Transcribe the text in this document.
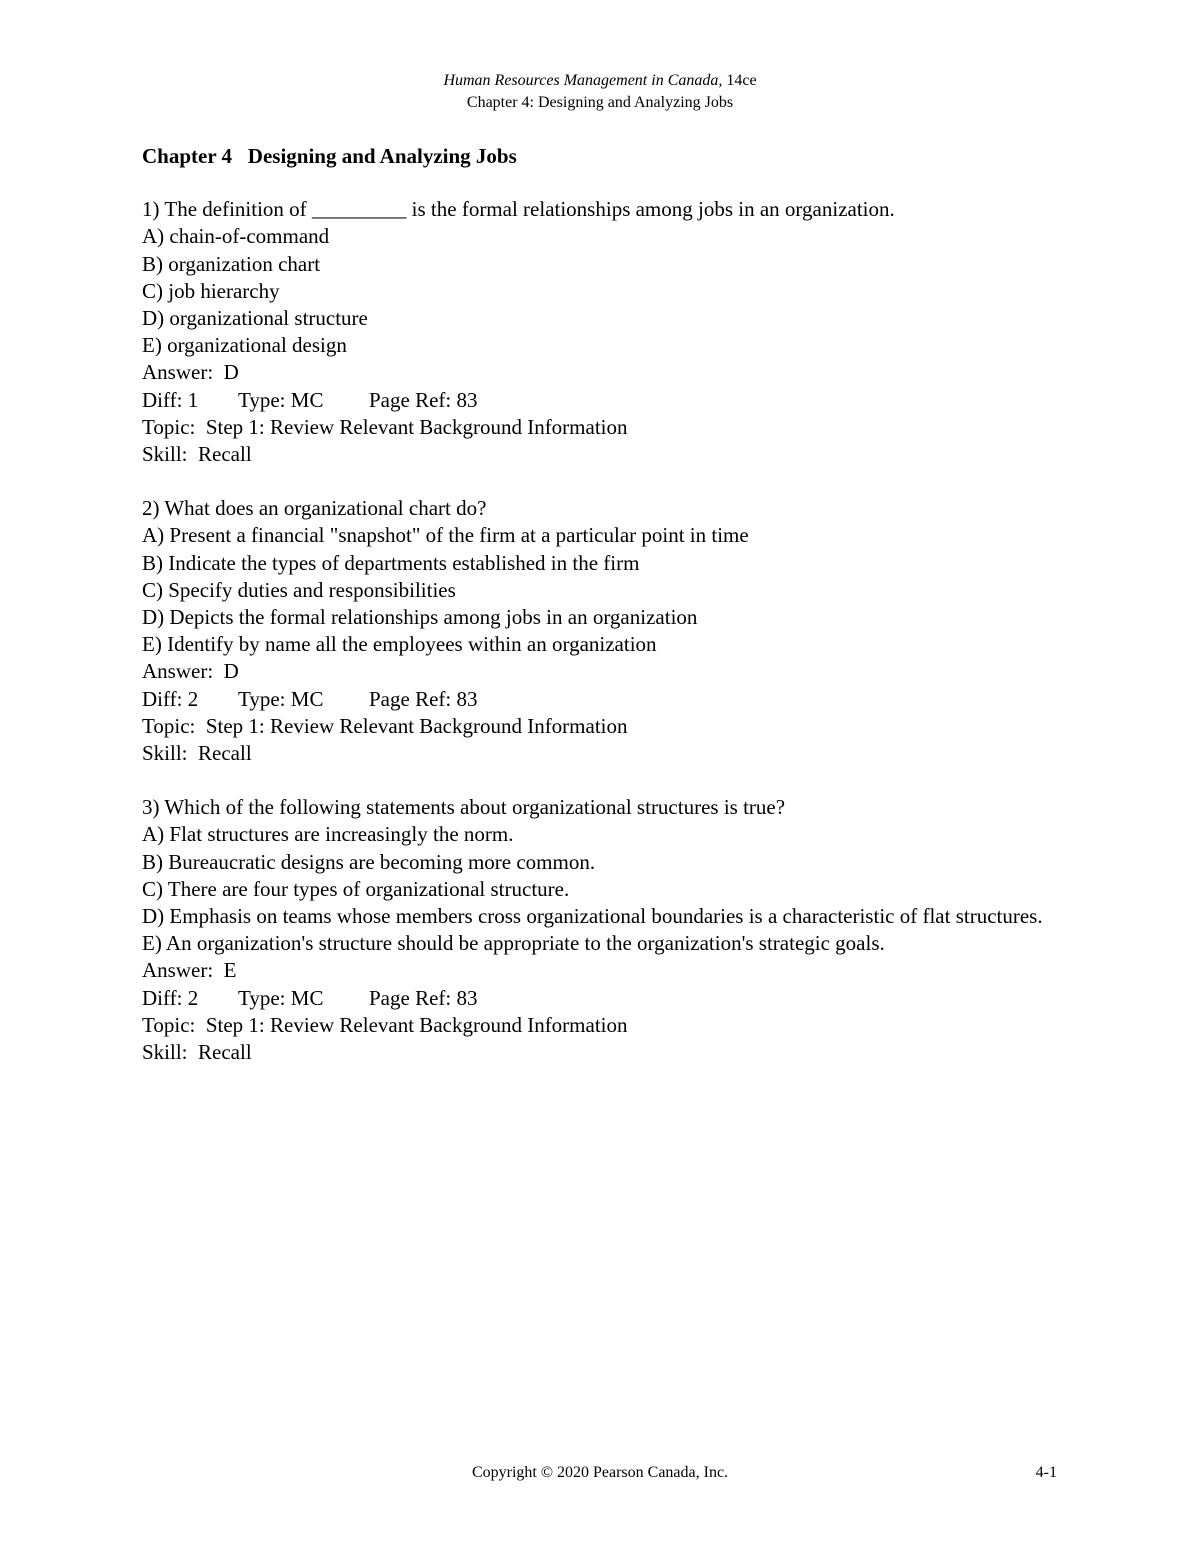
Human Resources Management in Canada, 14ce
Chapter 4: Designing and Analyzing Jobs
Chapter 4   Designing and Analyzing Jobs
1) The definition of _________ is the formal relationships among jobs in an organization.
A) chain-of-command
B) organization chart
C) job hierarchy
D) organizational structure
E) organizational design
Answer:  D
Diff: 1 Type: MC Page Ref: 83
Topic:  Step 1: Review Relevant Background Information
Skill:  Recall
2) What does an organizational chart do?
A) Present a financial "snapshot" of the firm at a particular point in time
B) Indicate the types of departments established in the firm
C) Specify duties and responsibilities
D) Depicts the formal relationships among jobs in an organization
E) Identify by name all the employees within an organization
Answer:  D
Diff: 2 Type: MC Page Ref: 83
Topic:  Step 1: Review Relevant Background Information
Skill:  Recall
3) Which of the following statements about organizational structures is true?
A) Flat structures are increasingly the norm.
B) Bureaucratic designs are becoming more common.
C) There are four types of organizational structure.
D) Emphasis on teams whose members cross organizational boundaries is a characteristic of flat structures.
E) An organization's structure should be appropriate to the organization's strategic goals.
Answer:  E
Diff: 2 Type: MC Page Ref: 83
Topic:  Step 1: Review Relevant Background Information
Skill:  Recall
Copyright © 2020 Pearson Canada, Inc.	4-1
